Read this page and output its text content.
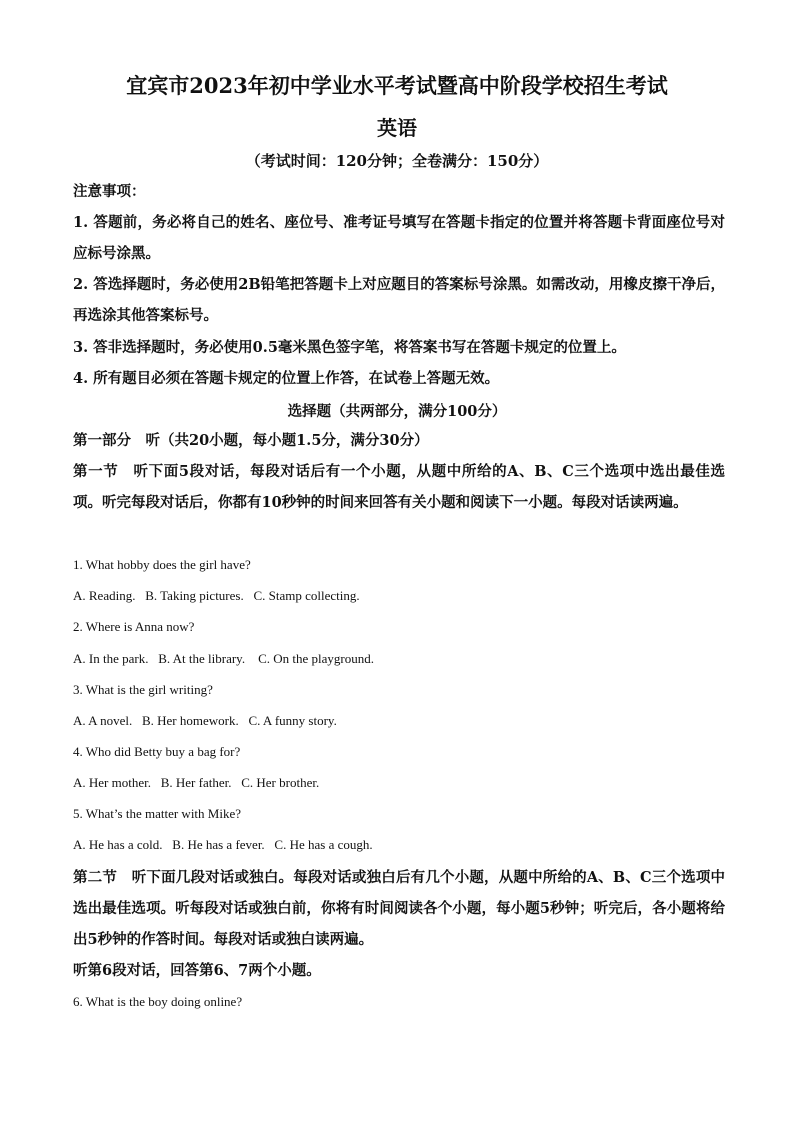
宜宾市2023年初中学业水平考试暨高中阶段学校招生考试
英语
（考试时间：120分钟；全卷满分：150分）
注意事项：
1. 答题前，务必将自己的姓名、座位号、准考证号填写在答题卡指定的位置并将答题卡背面座位号对应标号涂黑。
2. 答选择题时，务必使用2B铅笔把答题卡上对应题目的答案标号涂黑。如需改动，用橡皮擦干净后，再选涂其他答案标号。
3. 答非选择题时，务必使用0.5毫米黑色签字笔，将答案书写在答题卡规定的位置上。
4. 所有题目必须在答题卡规定的位置上作答，在试卷上答题无效。
选择题（共两部分，满分100分）
第一部分　听（共20小题，每小题1.5分，满分30分）
第一节　听下面5段对话，每段对话后有一个小题，从题中所给的A、B、C三个选项中选出最佳选项。听完每段对话后，你都有10秒钟的时间来回答有关小题和阅读下一小题。每段对话读两遍。
1. What hobby does the girl have?
A. Reading.   B. Taking pictures.   C. Stamp collecting.
2. Where is Anna now?
A. In the park.   B. At the library.    C. On the playground.
3. What is the girl writing?
A. A novel.   B. Her homework.   C. A funny story.
4. Who did Betty buy a bag for?
A. Her mother.   B. Her father.   C. Her brother.
5. What’s the matter with Mike?
A. He has a cold.   B. He has a fever.   C. He has a cough.
第二节　听下面几段对话或独白。每段对话或独白后有几个小题，从题中所给的A、B、C三个选项中选出最佳选项。听每段对话或独白前，你将有时间阅读各个小题，每小题5秒钟；听完后，各小题将给出5秒钟的作答时间。每段对话或独白读两遍。
听第6段对话，回答第6、7两个小题。
6. What is the boy doing online?
